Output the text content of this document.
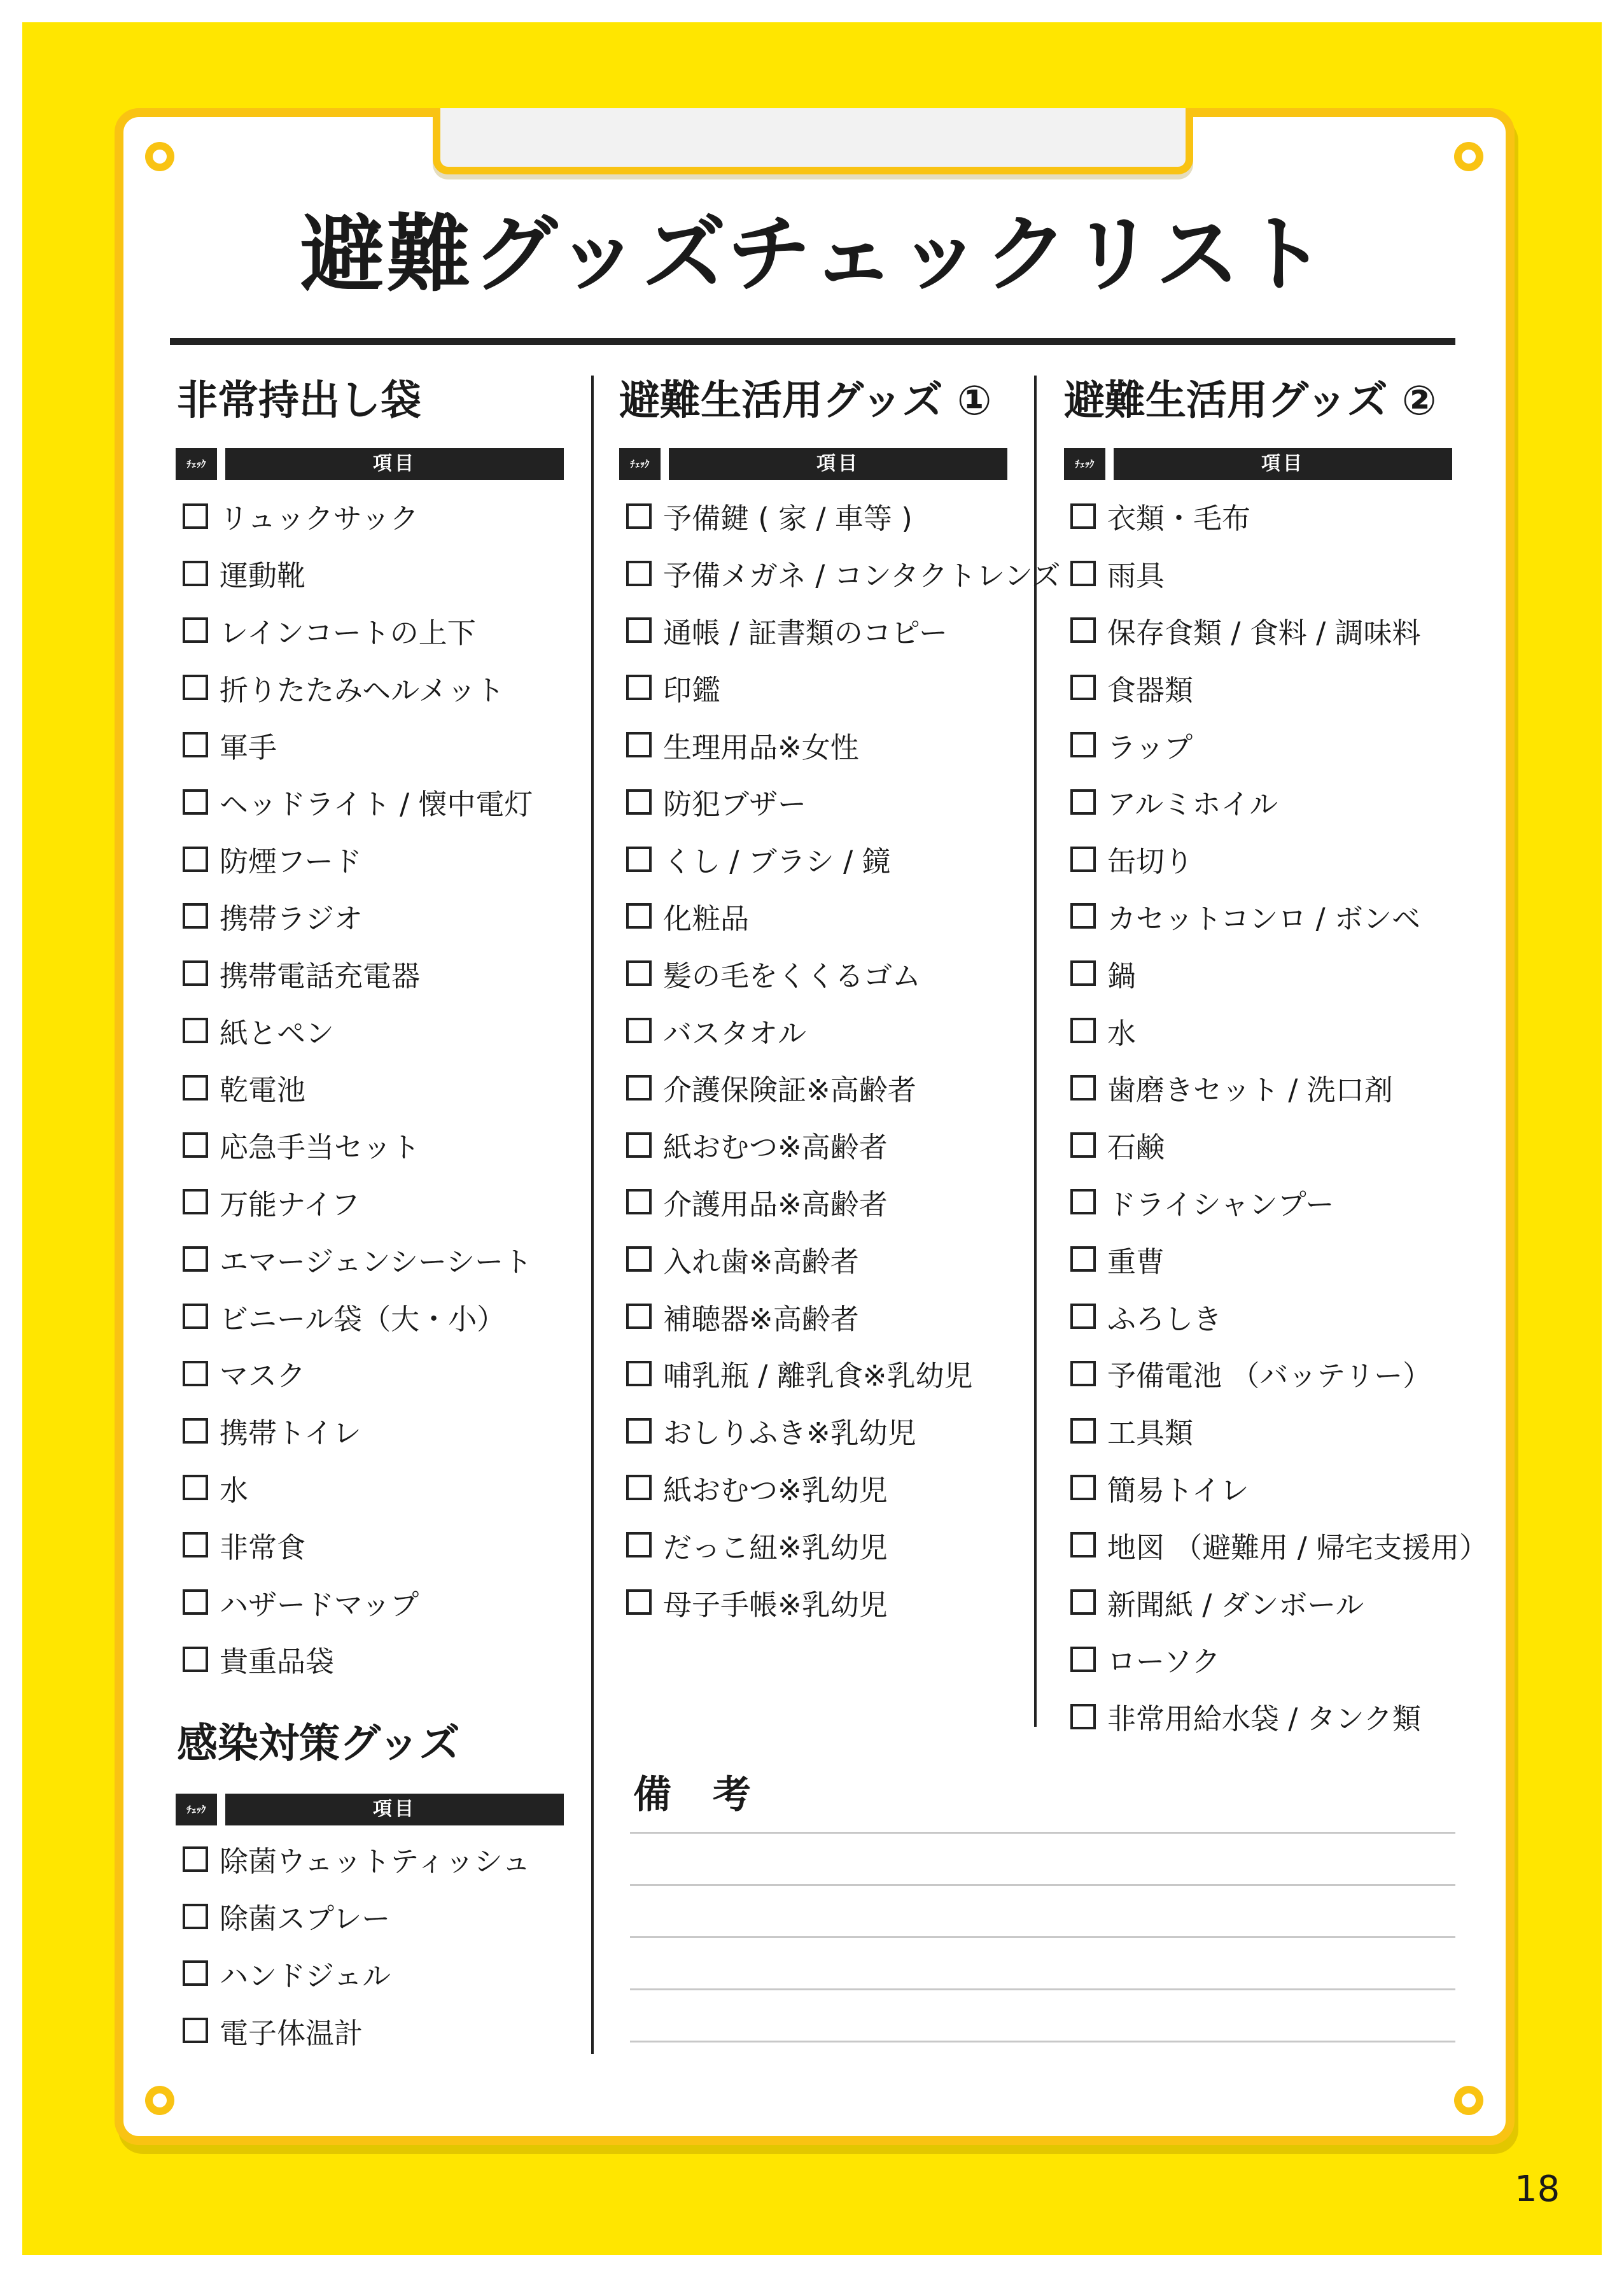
避難グッズチェックリスト
非常持出し袋
ﾁｪｯｸ	項目
リュックサック
運動靴
レインコートの上下
折りたたみヘルメット
軍手
ヘッドライト / 懐中電灯
防煙フード
携帯ラジオ
携帯電話充電器
紙とペン
乾電池
応急手当セット
万能ナイフ
エマージェンシーシート
ビニール袋（大・小）
マスク
携帯トイレ
水
非常食
ハザードマップ
貴重品袋
感染対策グッズ
ﾁｪｯｸ	項目
除菌ウェットティッシュ
除菌スプレー
ハンドジェル
電子体温計
避難生活用グッズ ①
ﾁｪｯｸ	項目
予備鍵 ( 家 / 車等 )
予備メガネ / コンタクトレンズ
通帳 / 証書類のコピー
印鑑
生理用品※女性
防犯ブザー
くし / ブラシ / 鏡
化粧品
髪の毛をくくるゴム
バスタオル
介護保険証※高齢者
紙おむつ※高齢者
介護用品※高齢者
入れ歯※高齢者
補聴器※高齢者
哺乳瓶 / 離乳食※乳幼児
おしりふき※乳幼児
紙おむつ※乳幼児
だっこ紐※乳幼児
母子手帳※乳幼児
避難生活用グッズ ②
ﾁｪｯｸ	項目
衣類・毛布
雨具
保存食類 / 食料 / 調味料
食器類
ラップ
アルミホイル
缶切り
カセットコンロ / ボンベ
鍋
水
歯磨きセット / 洗口剤
石鹸
ドライシャンプー
重曹
ふろしき
予備電池 （バッテリー）
工具類
簡易トイレ
地図 （避難用 / 帰宅支援用）
新聞紙 / ダンボール
ローソク
非常用給水袋 / タンク類
備 考
18
